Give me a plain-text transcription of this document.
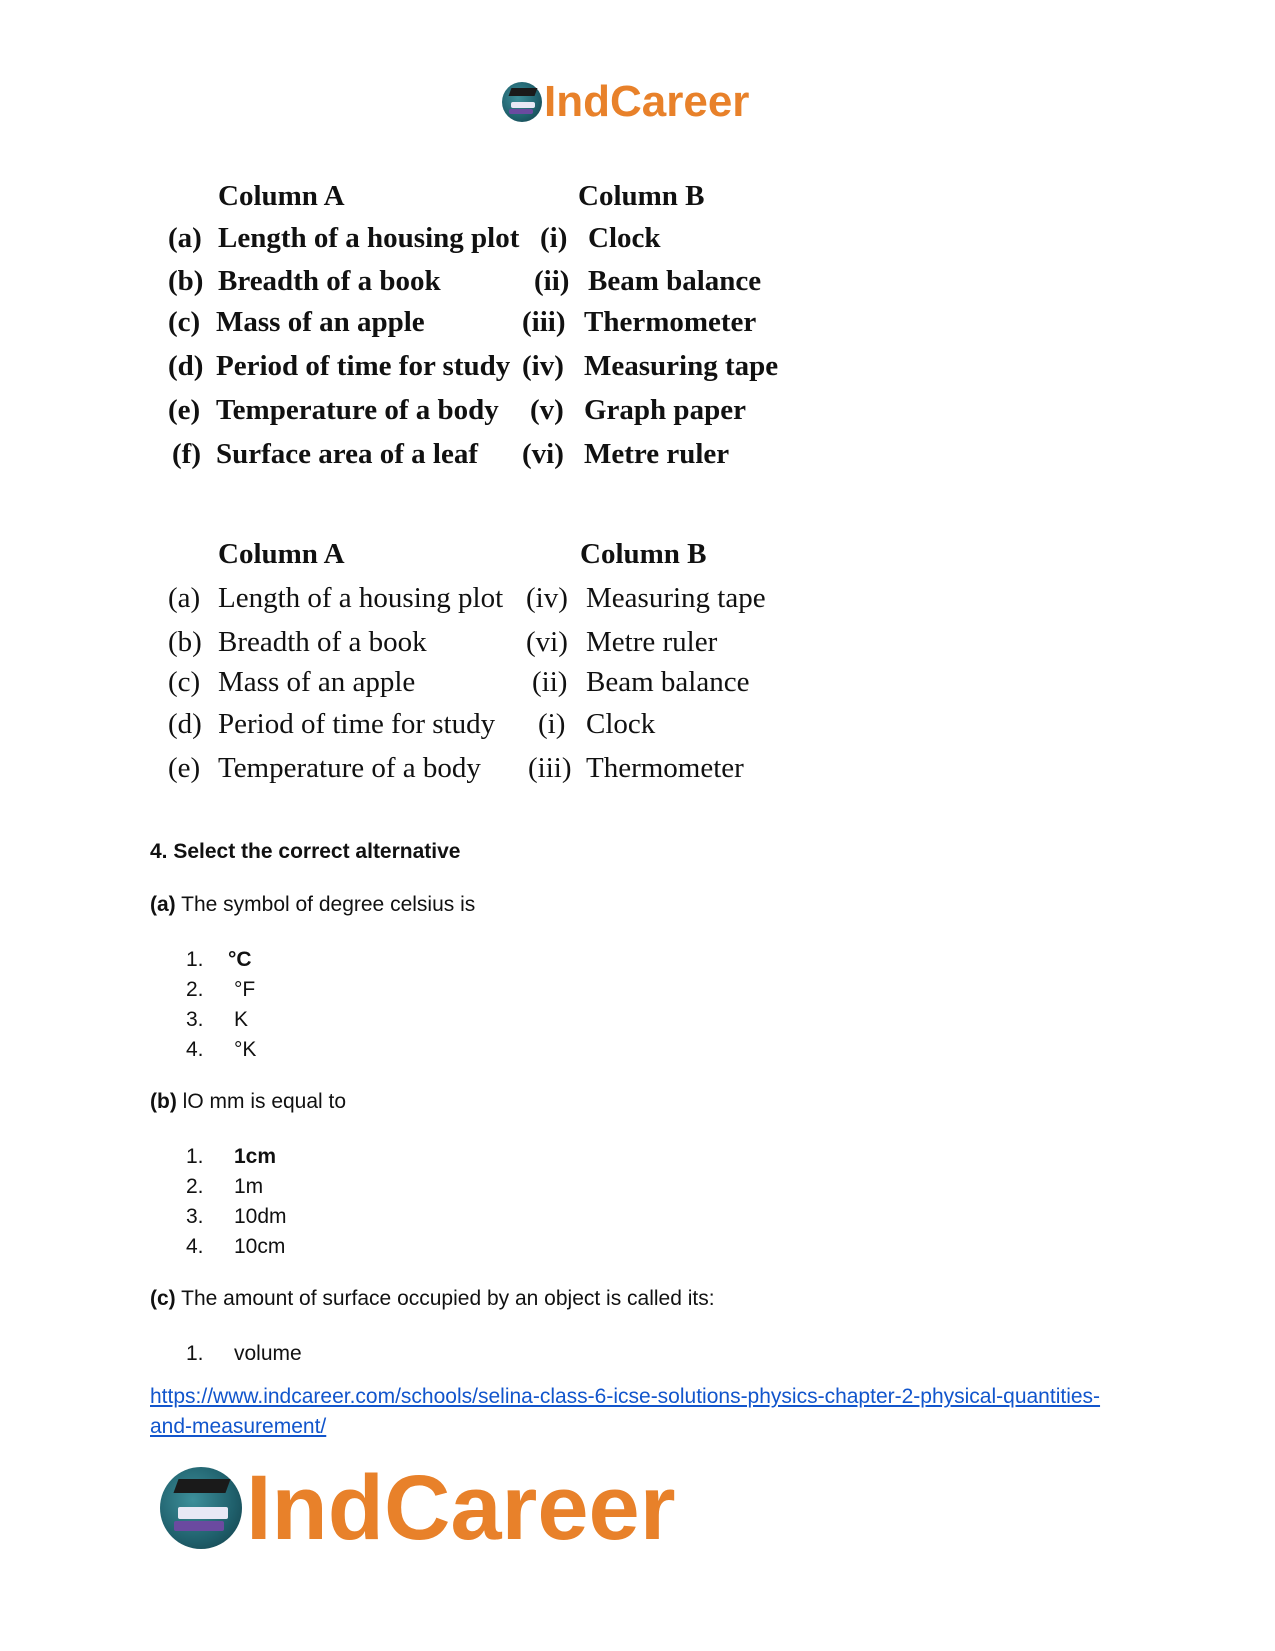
IndCareer
Column A	Column B
(a) Length of a housing plot (i) Clock
(b) Breadth of a book	(ii) Beam balance
(c) Mass of an apple	(iii) Thermometer
(d) Period of time for study (iv) Measuring tape
(e) Temperature of a body (v) Graph paper
(f) Surface area of a leaf (vi) Metre ruler
Column A	Column B
(a) Length of a housing plot (iv) Measuring tape
(b) Breadth of a book	(vi) Metre ruler
(c) Mass of an apple	(ii) Beam balance
(d) Period of time for study (i) Clock
(e) Temperature of a body (iii) Thermometer
4. Select the correct alternative
(a) The symbol of degree celsius is
1.	°C
2.	°F
3.	K
4.	°K
(b) lO mm is equal to
1.	1cm
2.	1m
3.	10dm
4.	10cm
(c) The amount of surface occupied by an object is called its:
1.	volume
https://www.indcareer.com/schools/selina-class-6-icse-solutions-physics-chapter-2-physical-quantities-and-measurement/
IndCareer
